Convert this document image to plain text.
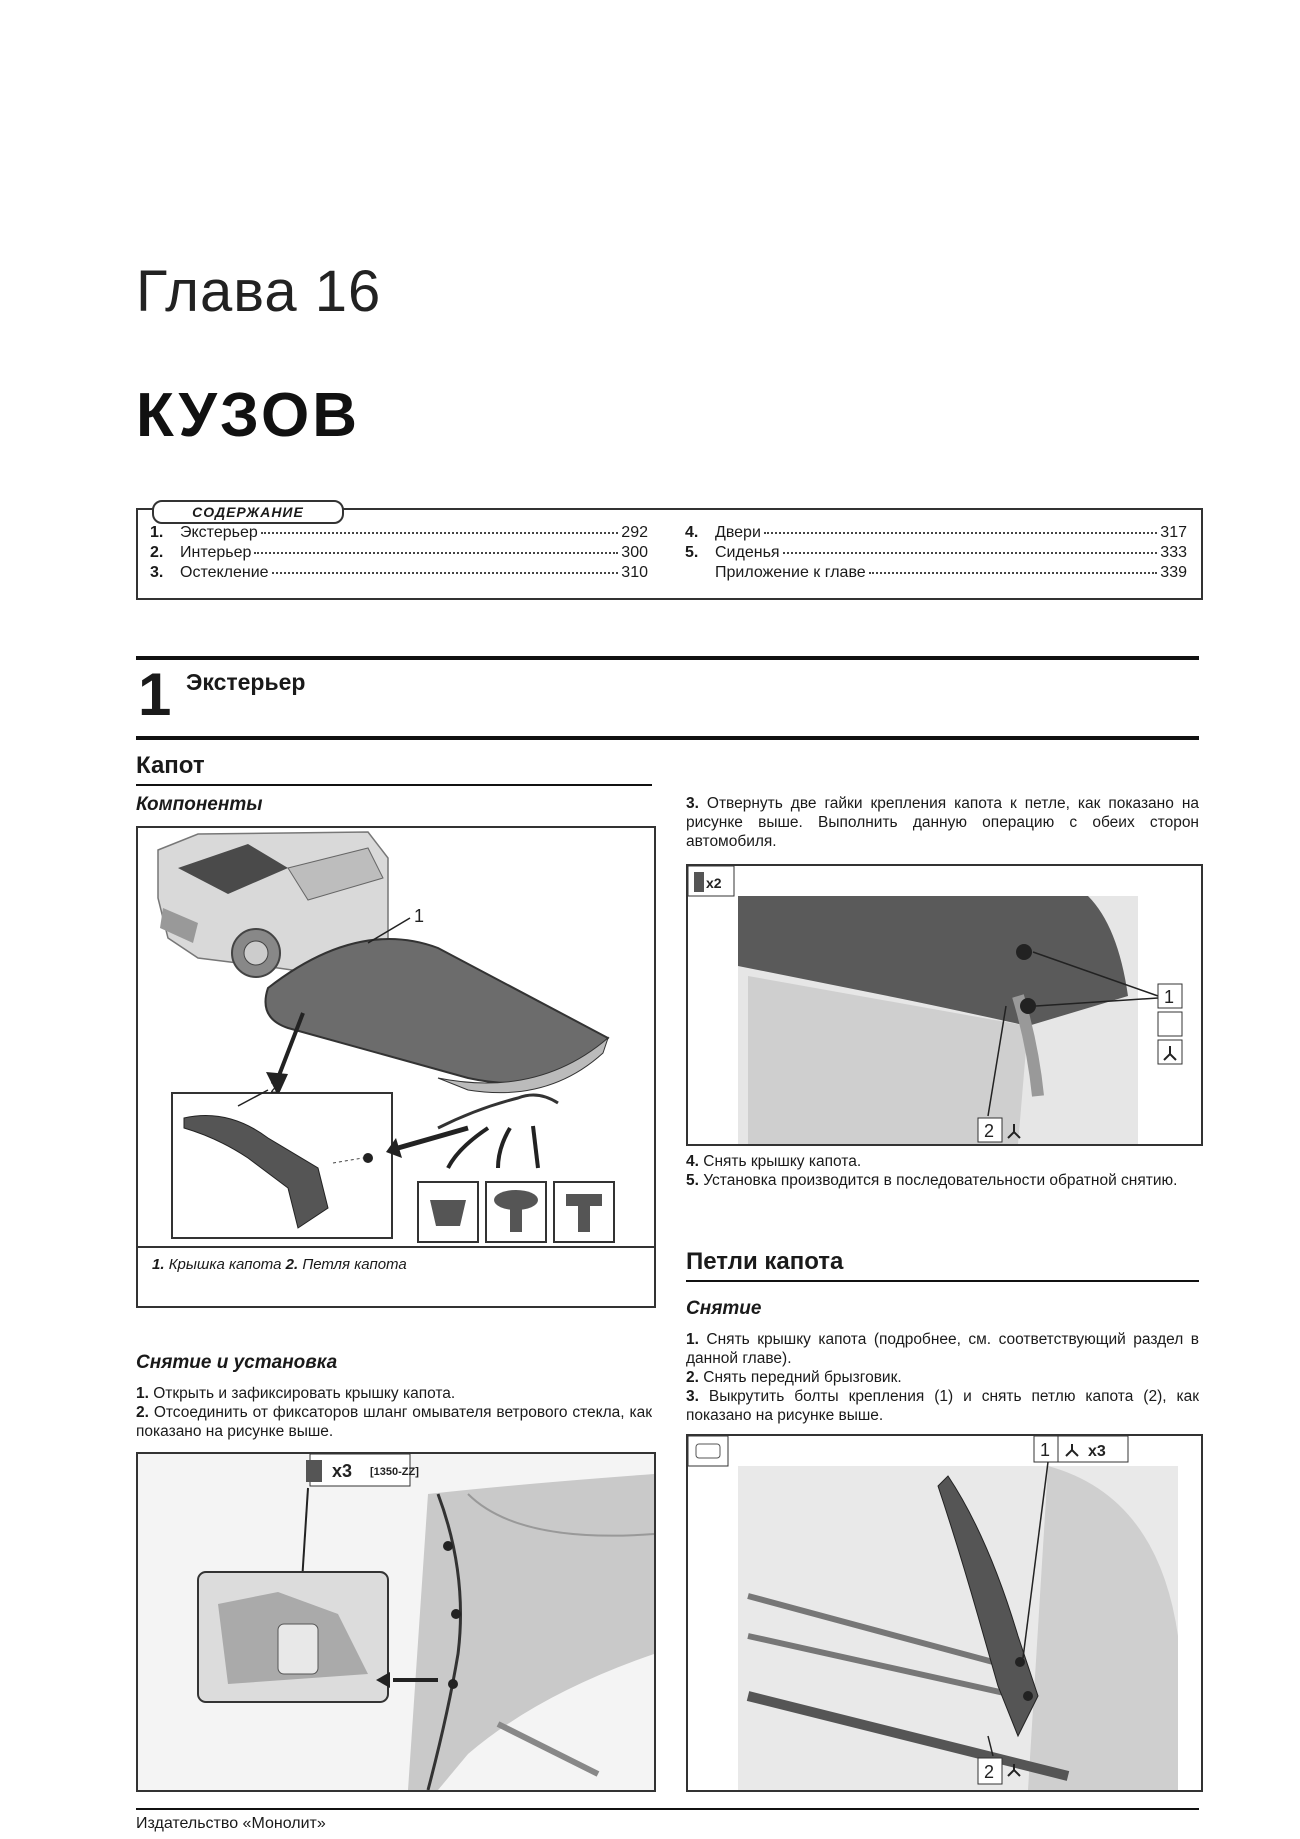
Глава 16
КУЗОВ
1.	Экстерьер	292
2.	Интерьер	300
3.	Остекление	310
4.	Двери	317
5.	Сиденья	333
Приложение к главе	339
СОДЕРЖАНИЕ
1 Экстерьер
Капот
Компоненты
1
2
1. Крышка капота 2. Петля капота
Снятие и установка
1. Открыть и зафиксировать крышку капота.
2. Отсоединить от фиксаторов шланг омывателя ветрового стекла, как показано на рисунке выше.
x3 [1350-ZZ]
3. Отвернуть две гайки крепления капота к петле, как показано на рисунке выше. Выполнить данную операцию с обеих сторон автомобиля.
x2
1
2
4. Снять крышку капота.
5. Установка производится в последовательности обратной снятию.
Петли капота
Снятие
1. Снять крышку капота (подробнее, см. соответствующий раздел в данной главе).
2. Снять передний брызговик.
3. Выкрутить болты крепления (1) и снять петлю капота (2), как показано на рисунке выше.
1 x3
2
Издательство «Монолит»
